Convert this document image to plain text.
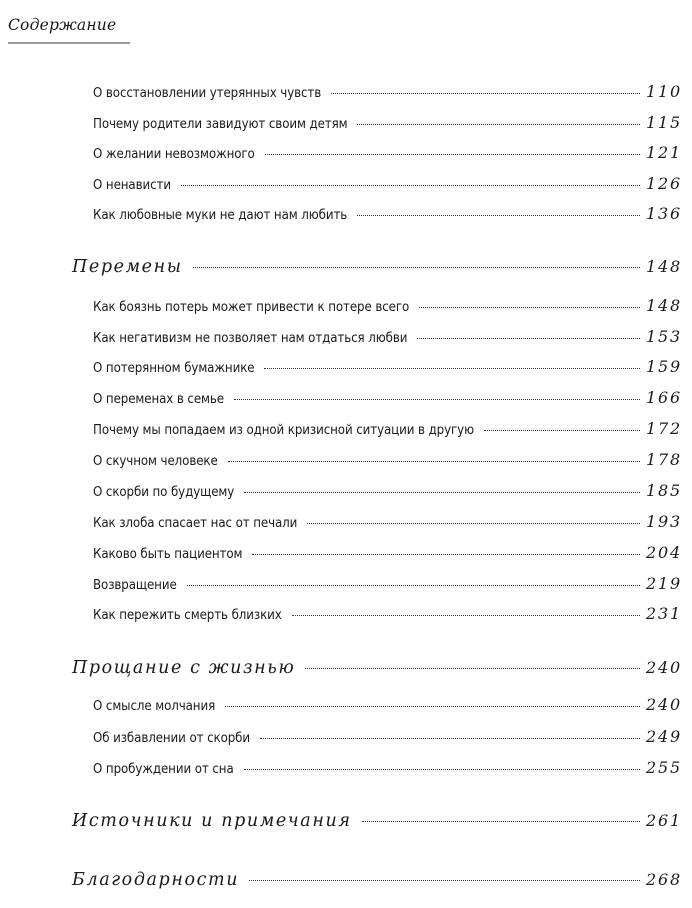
Содержание
О восстановлении утерянных чувств	110
Почему родители завидуют своим детям	115
О желании невозможного	121
О ненависти	126
Как любовные муки не дают нам любить	136
Перемены	148
Как боязнь потерь может привести к потере всего	148
Как негативизм не позволяет нам отдаться любви	153
О потерянном бумажнике	159
О переменах в семье	166
Почему мы попадаем из одной кризисной ситуации в другую	172
О скучном человеке	178
О скорби по будущему	185
Как злоба спасает нас от печали	193
Каково быть пациентом	204
Возвращение	219
Как пережить смерть близких	231
Прощание с жизнью	240
О смысле молчания	240
Об избавлении от скорби	249
О пробуждении от сна	255
Источники и примечания	261
Благодарности	268
